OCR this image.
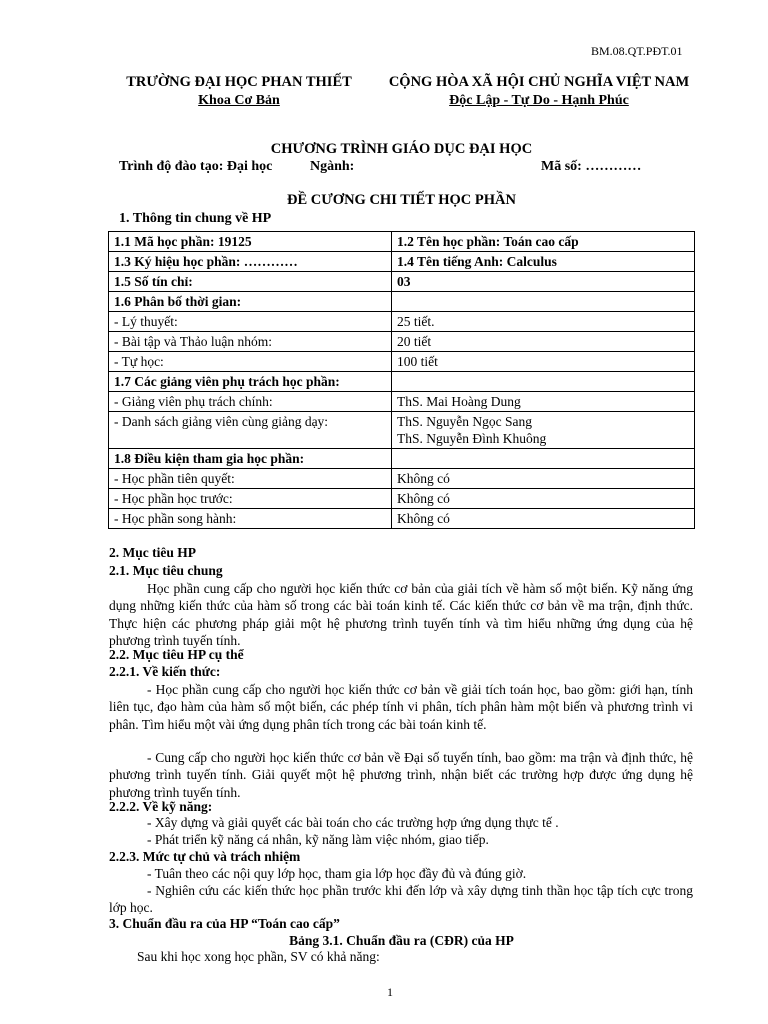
BM.08.QT.PĐT.01
TRƯỜNG ĐẠI HỌC PHAN THIẾT
Khoa Cơ Bản
CỘNG HÒA XÃ HỘI CHỦ NGHĨA VIỆT NAM
Độc Lập - Tự Do - Hạnh Phúc
CHƯƠNG TRÌNH GIÁO DỤC ĐẠI HỌC
Trình độ đào tạo: Đại học	Ngành:	Mã số: …………
ĐỀ CƯƠNG CHI TIẾT HỌC PHẦN
1. Thông tin chung về HP
1.1 Mã học phần: 19125	1.2 Tên học phần: Toán cao cấp
1.3 Ký hiệu học phần: …………	1.4 Tên tiếng Anh: Calculus
1.5 Số tín chỉ:	03
1.6 Phân bố thời gian:	
- Lý thuyết:	25 tiết.
- Bài tập và Thảo luận nhóm:	20 tiết
- Tự học:	100 tiết
1.7 Các giảng viên phụ trách học phần:	
- Giảng viên phụ trách chính:	ThS. Mai Hoàng Dung
- Danh sách giảng viên cùng giảng dạy:	ThS. Nguyễn Ngọc Sang
ThS. Nguyễn Đình Khuông

1.8 Điều kiện tham gia học phần:	
- Học phần tiên quyết:	Không có
- Học phần học trước:	Không có
- Học phần song hành:	Không có
2. Mục tiêu HP
2.1. Mục tiêu chung
Học phần cung cấp cho người học kiến thức cơ bản của giải tích về hàm số một biến. Kỹ năng ứng dụng những kiến thức của hàm số trong các bài toán kinh tế. Các kiến thức cơ bản về ma trận, định thức. Thực hiện các phương pháp giải một hệ phương trình tuyến tính và tìm hiểu những ứng dụng của hệ phương trình tuyến tính.
2.2. Mục tiêu HP cụ thể
2.2.1. Về kiến thức:
- Học phần cung cấp cho người học kiến thức cơ bản về giải tích toán học, bao gồm: giới hạn, tính liên tục, đạo hàm của hàm số một biến, các phép tính vi phân, tích phân hàm một biến và phương trình vi phân. Tìm hiểu một vài ứng dụng phân tích trong các bài toán kinh tế.
- Cung cấp cho người học kiến thức cơ bản về Đại số tuyến tính, bao gồm: ma trận và định thức, hệ phương trình tuyến tính. Giải quyết một hệ phương trình, nhận biết các trường hợp được ứng dụng hệ phương trình tuyến tính.
2.2.2. Về kỹ năng:
- Xây dựng và giải quyết các bài toán cho các trường hợp ứng dụng thực tế .
- Phát triển kỹ năng cá nhân, kỹ năng làm việc nhóm, giao tiếp.
2.2.3. Mức tự chủ và trách nhiệm
- Tuân theo các nội quy lớp học, tham gia lớp học đầy đủ và đúng giờ.
- Nghiên cứu các kiến thức học phần trước khi đến lớp và xây dựng tinh thần học tập tích cực trong lớp học.
3. Chuẩn đầu ra của HP “Toán cao cấp”
Bảng 3.1. Chuẩn đầu ra (CĐR) của HP
Sau khi học xong học phần, SV có khả năng:
1
